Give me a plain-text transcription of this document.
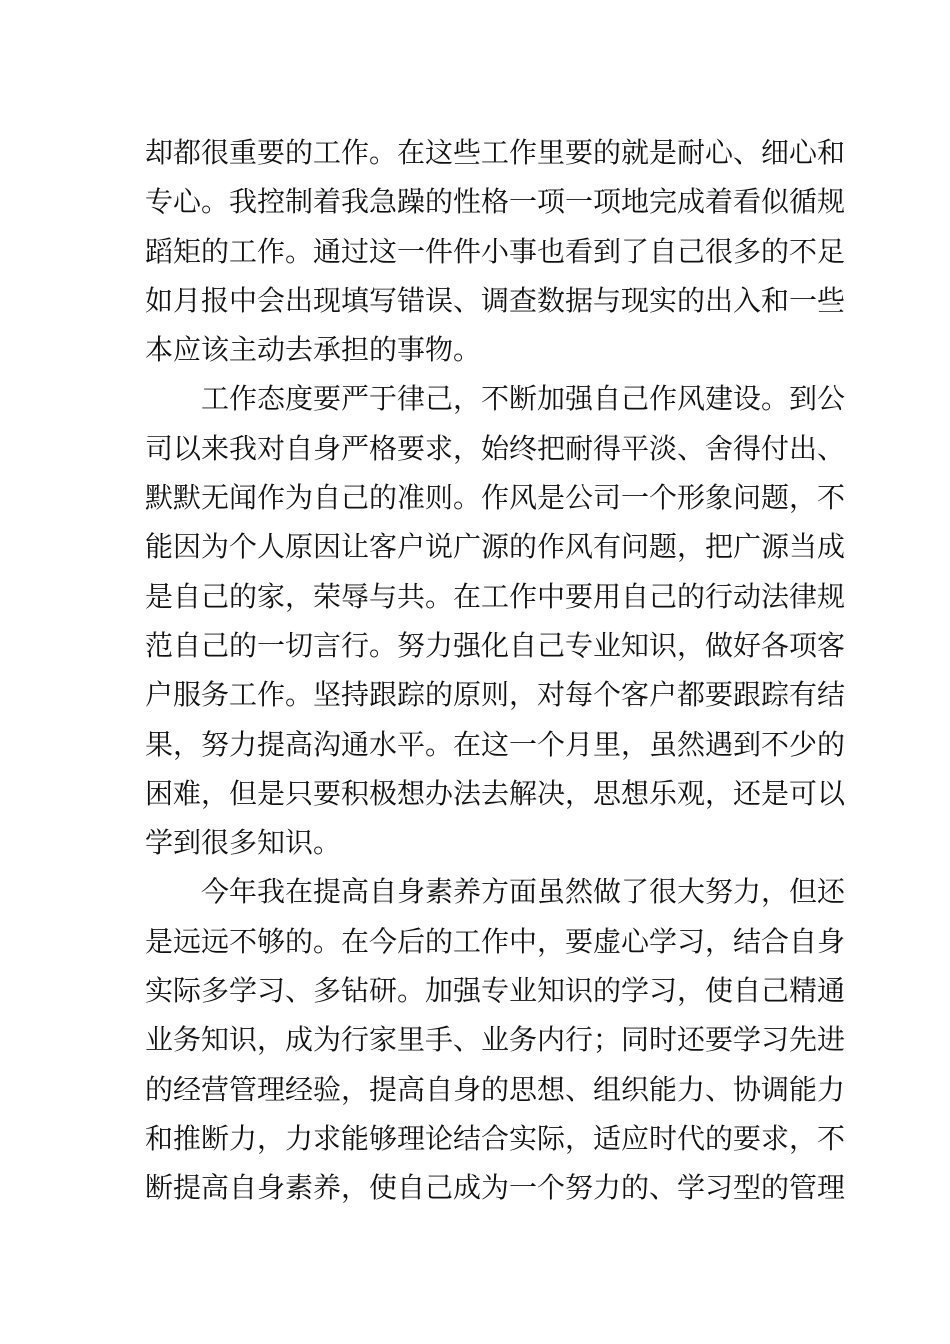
却都很重要的工作。在这些工作里要的就是耐心、细心和
专心。我控制着我急躁的性格一项一项地完成着看似循规
蹈矩的工作。通过这一件件小事也看到了自己很多的不足
如月报中会出现填写错误、调查数据与现实的出入和一些
本应该主动去承担的事物。
工作态度要严于律己，不断加强自己作风建设。到公
司以来我对自身严格要求，始终把耐得平淡、舍得付出、
默默无闻作为自己的准则。作风是公司一个形象问题，不
能因为个人原因让客户说广源的作风有问题，把广源当成
是自己的家，荣辱与共。在工作中要用自己的行动法律规
范自己的一切言行。努力强化自己专业知识，做好各项客
户服务工作。坚持跟踪的原则，对每个客户都要跟踪有结
果，努力提高沟通水平。在这一个月里，虽然遇到不少的
困难，但是只要积极想办法去解决，思想乐观，还是可以
学到很多知识。
今年我在提高自身素养方面虽然做了很大努力，但还
是远远不够的。在今后的工作中，要虚心学习，结合自身
实际多学习、多钻研。加强专业知识的学习，使自己精通
业务知识，成为行家里手、业务内行；同时还要学习先进
的经营管理经验，提高自身的思想、组织能力、协调能力
和推断力，力求能够理论结合实际，适应时代的要求，不
断提高自身素养，使自己成为一个努力的、学习型的管理
